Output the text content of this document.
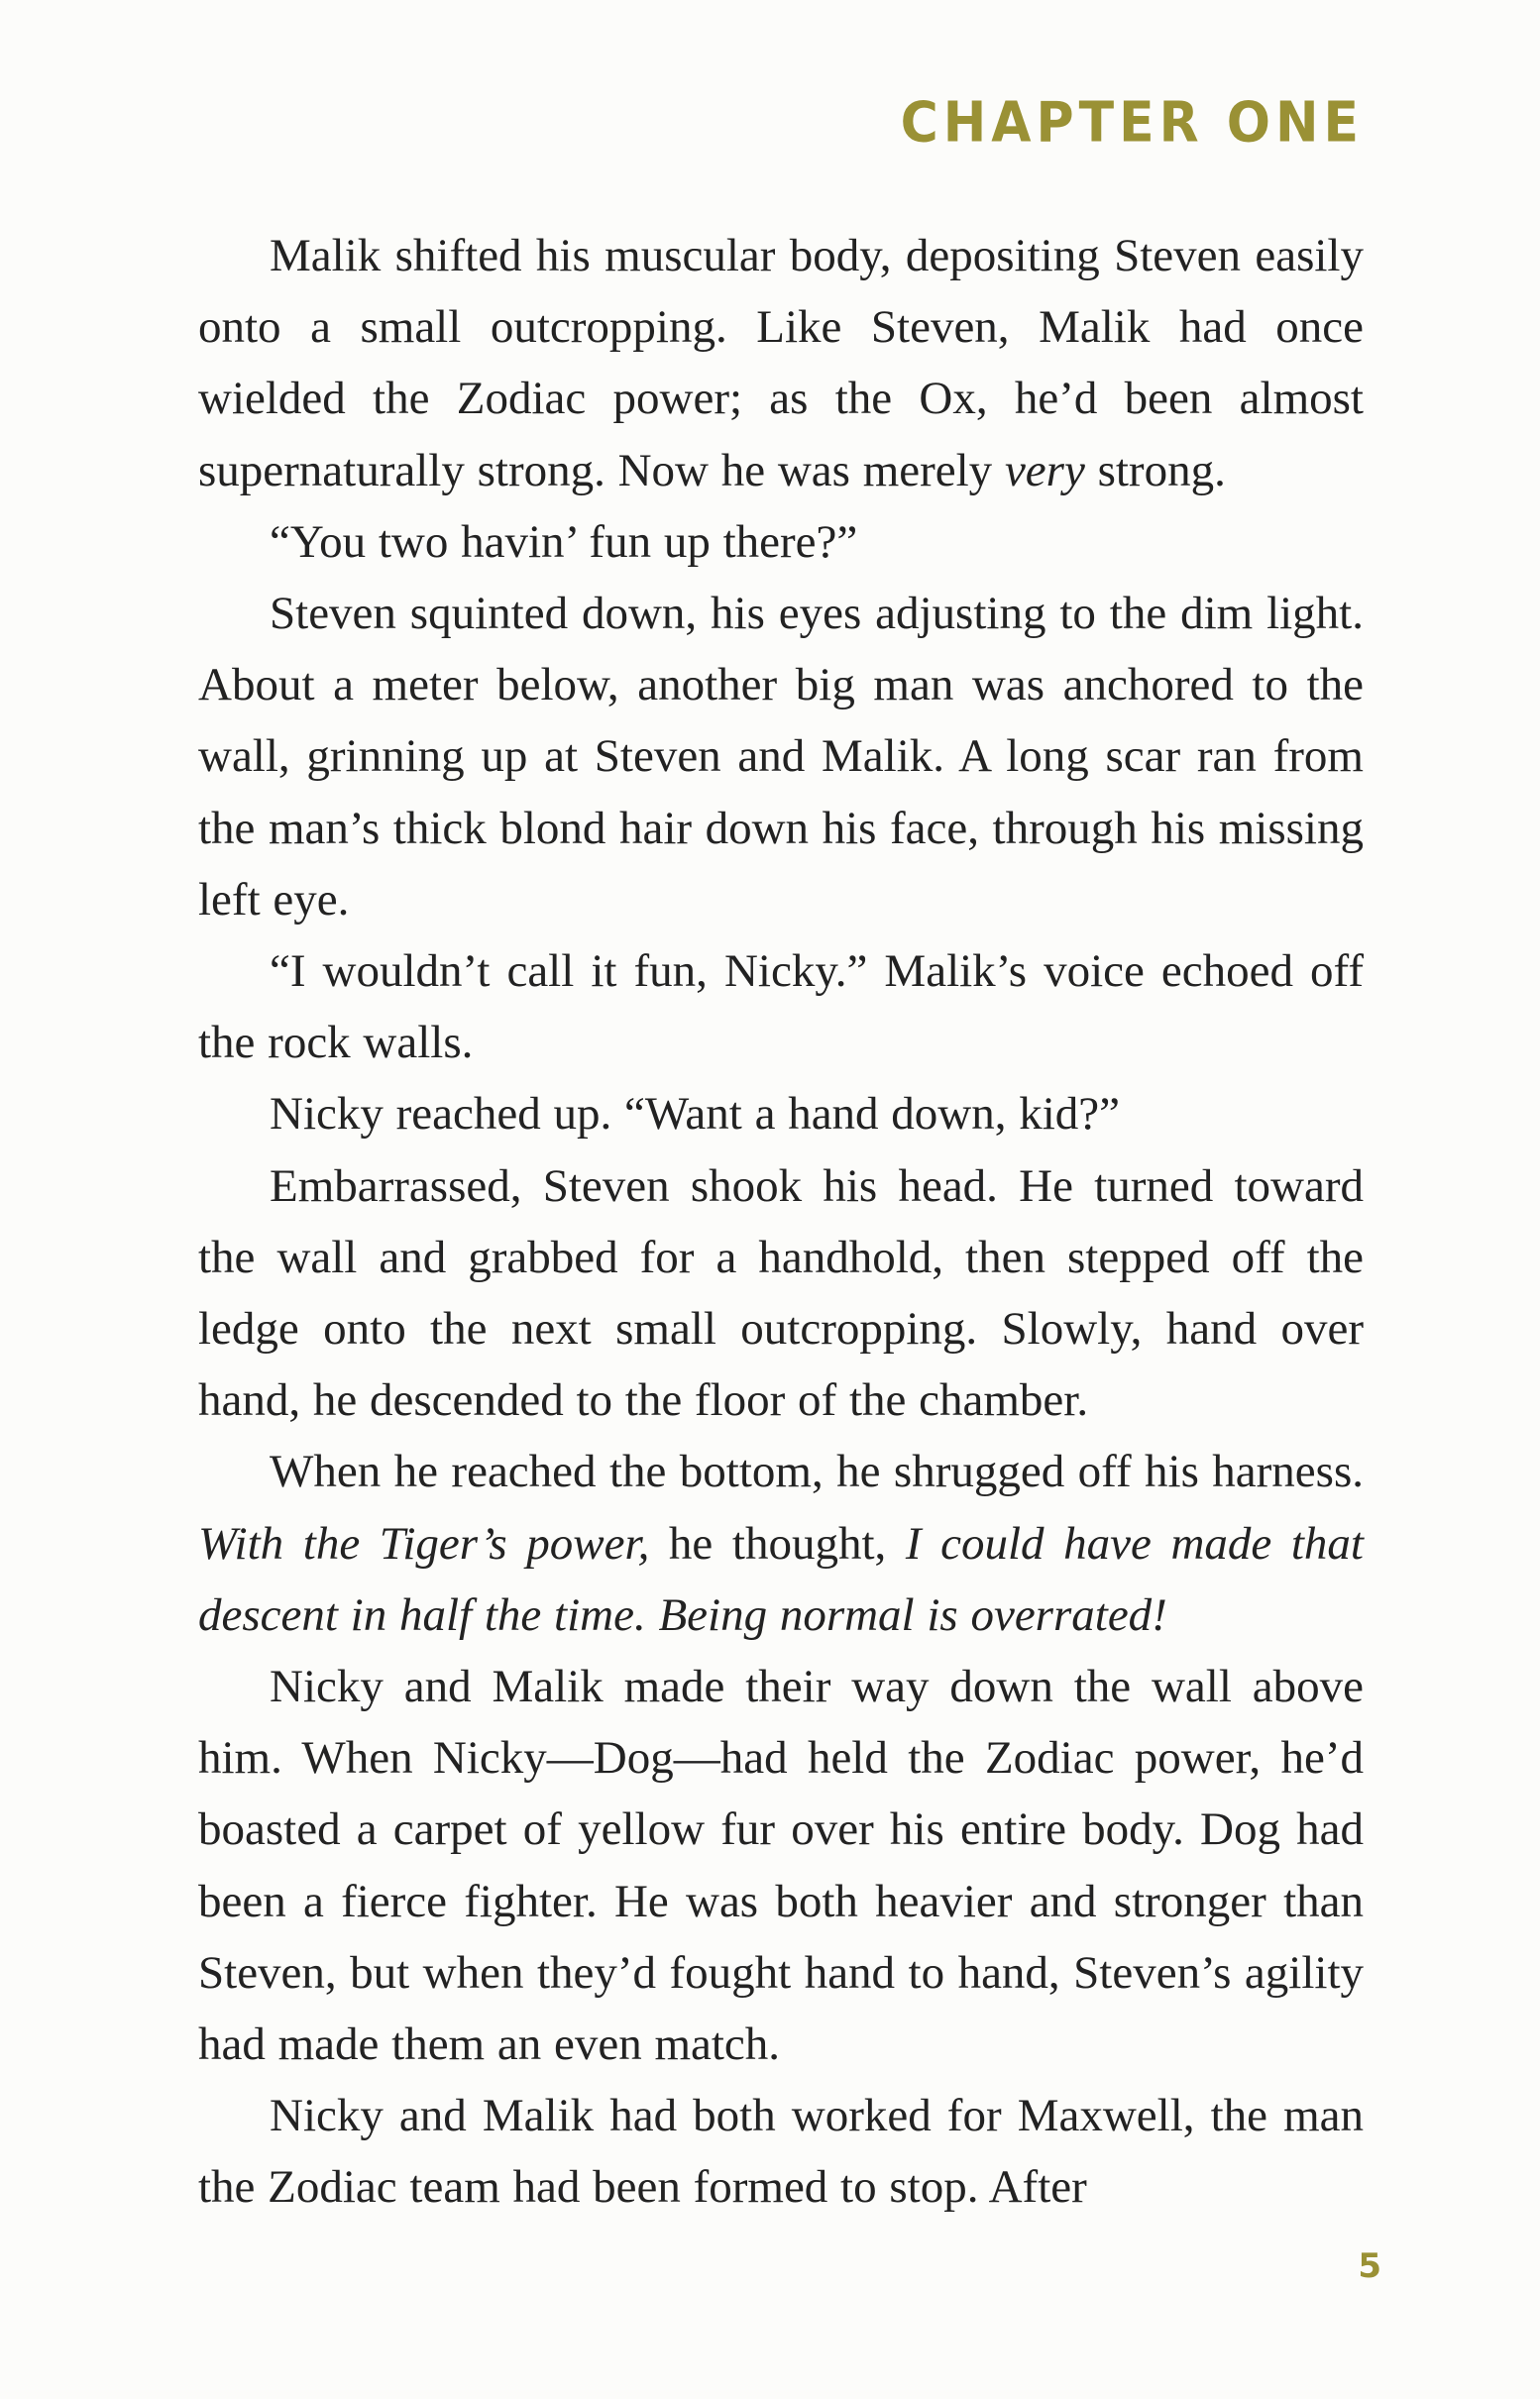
CHAPTER ONE

Malik shifted his muscular body, depositing Steven easily onto a small outcropping. Like Steven, Malik had once wielded the Zodiac power; as the Ox, he’d been almost supernaturally strong. Now he was merely very strong.

“You two havin’ fun up there?”

Steven squinted down, his eyes adjusting to the dim light. About a meter below, another big man was anchored to the wall, grinning up at Steven and Malik. A long scar ran from the man’s thick blond hair down his face, through his missing left eye.

“I wouldn’t call it fun, Nicky.” Malik’s voice echoed off the rock walls.

Nicky reached up. “Want a hand down, kid?”

Embarrassed, Steven shook his head. He turned toward the wall and grabbed for a handhold, then stepped off the ledge onto the next small outcropping. Slowly, hand over hand, he descended to the floor of the chamber.

When he reached the bottom, he shrugged off his harness. With the Tiger’s power, he thought, I could have made that descent in half the time. Being normal is overrated!

Nicky and Malik made their way down the wall above him. When Nicky—Dog—had held the Zodiac power, he’d boasted a carpet of yellow fur over his entire body. Dog had been a fierce fighter. He was both heavier and stronger than Steven, but when they’d fought hand to hand, Steven’s agility had made them an even match.

Nicky and Malik had both worked for Maxwell, the man the Zodiac team had been formed to stop. After

5
